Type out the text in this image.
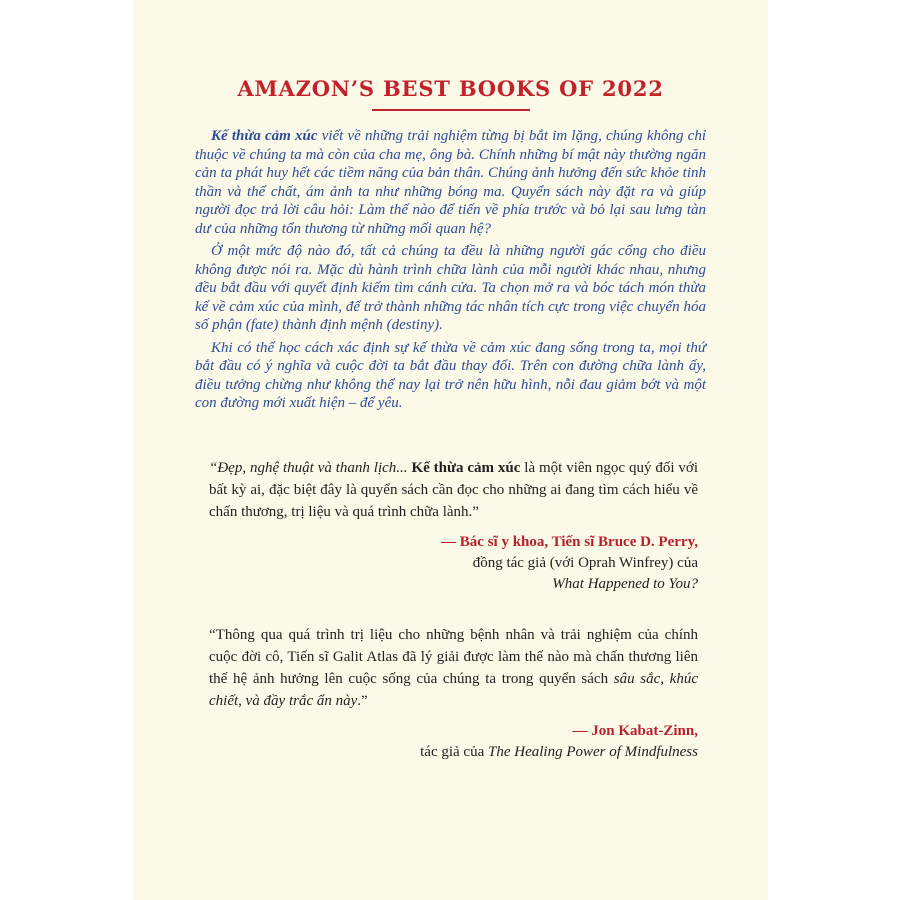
AMAZON’S BEST BOOKS OF 2022

Kế thừa cảm xúc viết về những trải nghiệm từng bị bắt im lặng, chúng không chỉ thuộc về chúng ta mà còn của cha mẹ, ông bà. Chính những bí mật này thường ngăn cản ta phát huy hết các tiềm năng của bản thân. Chúng ảnh hưởng đến sức khỏe tinh thần và thể chất, ám ảnh ta như những bóng ma. Quyển sách này đặt ra và giúp người đọc trả lời câu hỏi: Làm thế nào để tiến về phía trước và bỏ lại sau lưng tàn dư của những tổn thương từ những mối quan hệ?

Ở một mức độ nào đó, tất cả chúng ta đều là những người gác cổng cho điều không được nói ra. Mặc dù hành trình chữa lành của mỗi người khác nhau, nhưng đều bắt đầu với quyết định kiếm tìm cánh cửa. Ta chọn mở ra và bóc tách món thừa kế về cảm xúc của mình, để trở thành những tác nhân tích cực trong việc chuyển hóa số phận (fate) thành định mệnh (destiny).

Khi có thể học cách xác định sự kế thừa về cảm xúc đang sống trong ta, mọi thứ bắt đầu có ý nghĩa và cuộc đời ta bắt đầu thay đổi. Trên con đường chữa lành ấy, điều tưởng chừng như không thể nay lại trở nên hữu hình, nỗi đau giảm bớt và một con đường mới xuất hiện – để yêu.

“Đẹp, nghệ thuật và thanh lịch... Kế thừa cảm xúc là một viên ngọc quý đối với bất kỳ ai, đặc biệt đây là quyển sách cần đọc cho những ai đang tìm cách hiểu về chấn thương, trị liệu và quá trình chữa lành.”

— Bác sĩ y khoa, Tiến sĩ Bruce D. Perry,
đồng tác giả (với Oprah Winfrey) của
What Happened to You?

“Thông qua quá trình trị liệu cho những bệnh nhân và trải nghiệm của chính cuộc đời cô, Tiến sĩ Galit Atlas đã lý giải được làm thế nào mà chấn thương liên thế hệ ảnh hưởng lên cuộc sống của chúng ta trong quyển sách sâu sắc, khúc chiết, và đầy trắc ẩn này.”

— Jon Kabat-Zinn,
tác giả của The Healing Power of Mindfulness
